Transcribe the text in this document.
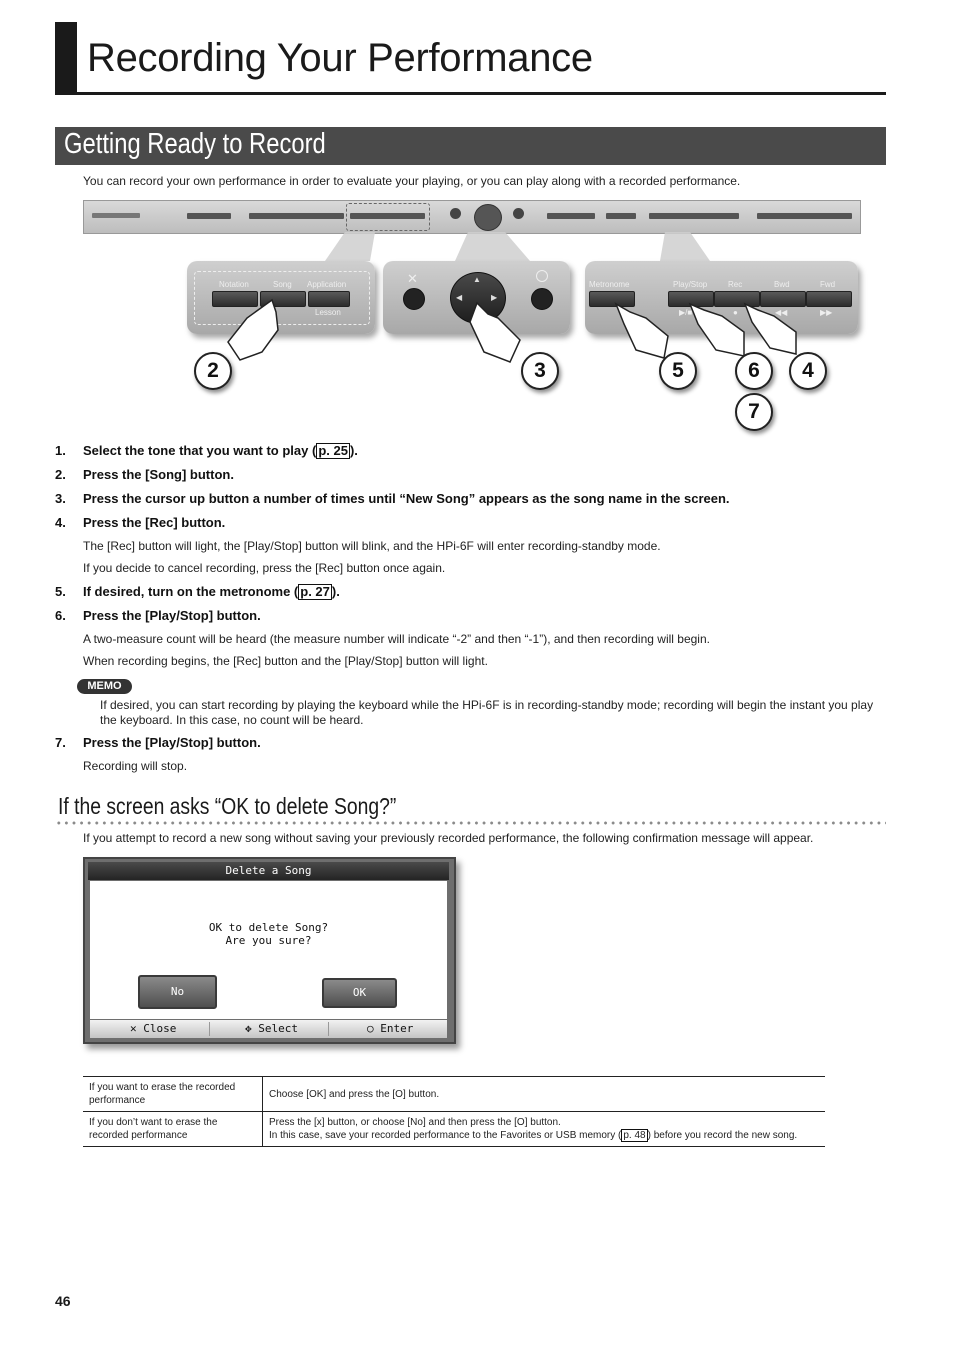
Recording Your Performance
Getting Ready to Record
You can record your own performance in order to evaluate your playing, or you can play along with a recorded performance.
Notation	Song Application
Lesson
✕	▲
◀	▶
Metronome	Play/Stop	Rec	Bwd	Fwd
▶/■	●	◀◀	▶▶
2	3	5	6	4
7
1. Select the tone that you want to play ( p. 25 ).
2. Press the [Song] button.
3. Press the cursor up button a number of times until “New Song” appears as the song name in the screen.
4. Press the [Rec] button.
The [Rec] button will light, the [Play/Stop] button will blink, and the HPi-6F will enter recording-standby mode.
If you decide to cancel recording, press the [Rec] button once again.
5. If desired, turn on the metronome ( p. 27 ).
6. Press the [Play/Stop] button.
A two-measure count will be heard (the measure number will indicate “-2” and then “-1”), and then recording will begin.
When recording begins, the [Rec] button and the [Play/Stop] button will light.
MEMO
If desired, you can start recording by playing the keyboard while the HPi-6F is in recording-standby mode; recording will begin the instant you play
the keyboard. In this case, no count will be heard.
7. Press the [Play/Stop] button.
Recording will stop.
If the screen asks “OK to delete Song?”
If you attempt to record a new song without saving your previously recorded performance, the following confirmation message will appear.
Delete a Song
OK to delete Song?
Are you sure?
No	OK
✕ Close	✥ Select	○ Enter
If you want to erase the recorded performance	Choose [OK] and press the [O] button.
If you don’t want to erase the recorded performance	Press the [x] button, or choose [No] and then press the [O] button.
In this case, save your recorded performance to the Favorites or USB memory ( p. 48 ) before you record the new song.
46
